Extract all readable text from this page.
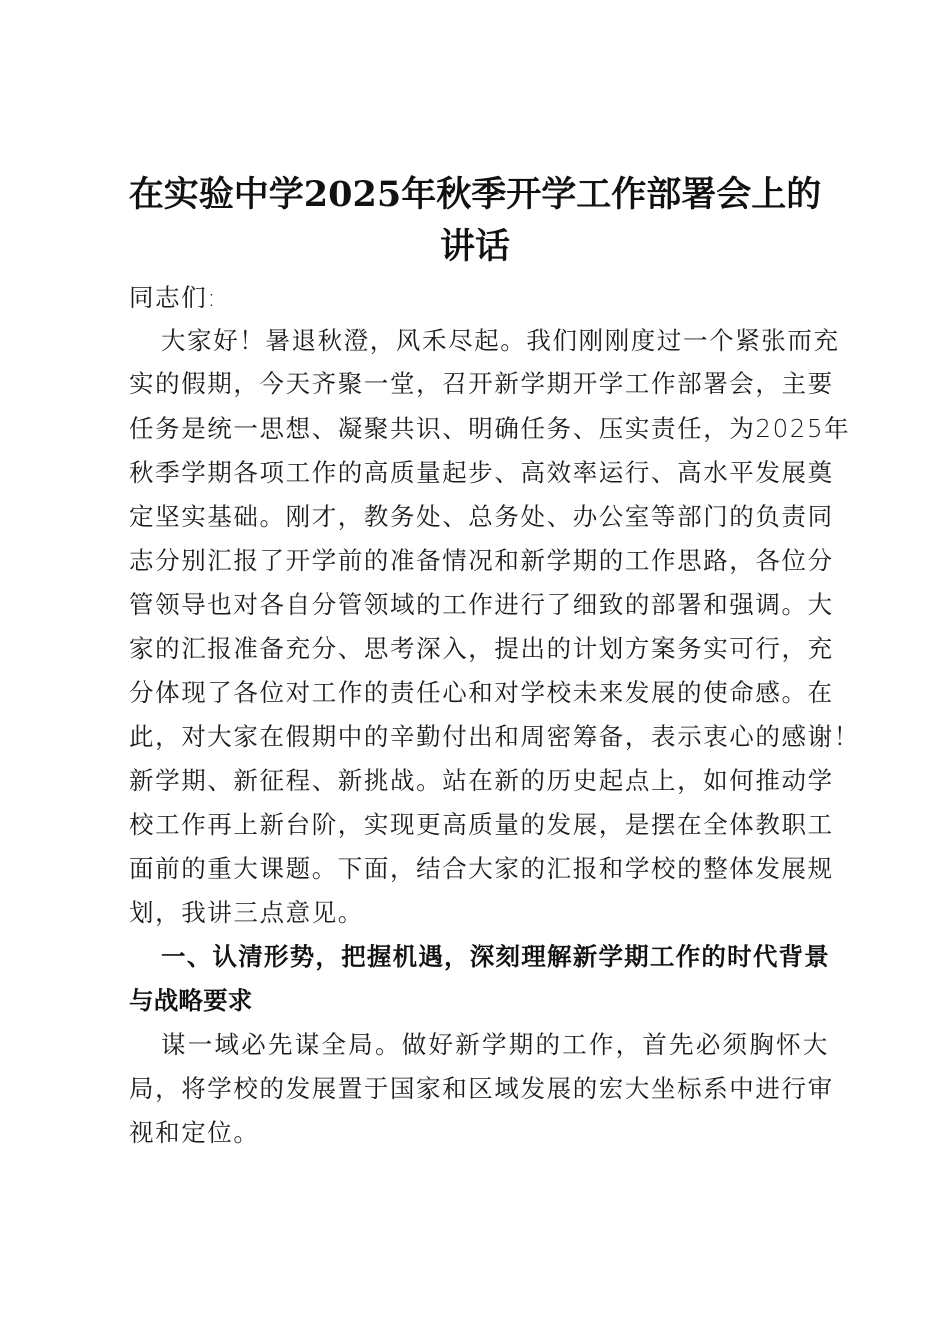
在实验中学2025年秋季开学工作部署会上的
讲话
同志们:
大家好！暑退秋澄，风禾尽起。我们刚刚度过一个紧张而充
实的假期，今天齐聚一堂，召开新学期开学工作部署会，主要
任务是统一思想、凝聚共识、明确任务、压实责任，为2025年
秋季学期各项工作的高质量起步、高效率运行、高水平发展奠
定坚实基础。刚才，教务处、总务处、办公室等部门的负责同
志分别汇报了开学前的准备情况和新学期的工作思路，各位分
管领导也对各自分管领域的工作进行了细致的部署和强调。大
家的汇报准备充分、思考深入，提出的计划方案务实可行，充
分体现了各位对工作的责任心和对学校未来发展的使命感。在
此，对大家在假期中的辛勤付出和周密筹备，表示衷心的感谢！
新学期、新征程、新挑战。站在新的历史起点上，如何推动学
校工作再上新台阶，实现更高质量的发展，是摆在全体教职工
面前的重大课题。下面，结合大家的汇报和学校的整体发展规
划，我讲三点意见。
一、认清形势，把握机遇，深刻理解新学期工作的时代背景
与战略要求
谋一域必先谋全局。做好新学期的工作，首先必须胸怀大
局，将学校的发展置于国家和区域发展的宏大坐标系中进行审
视和定位。
